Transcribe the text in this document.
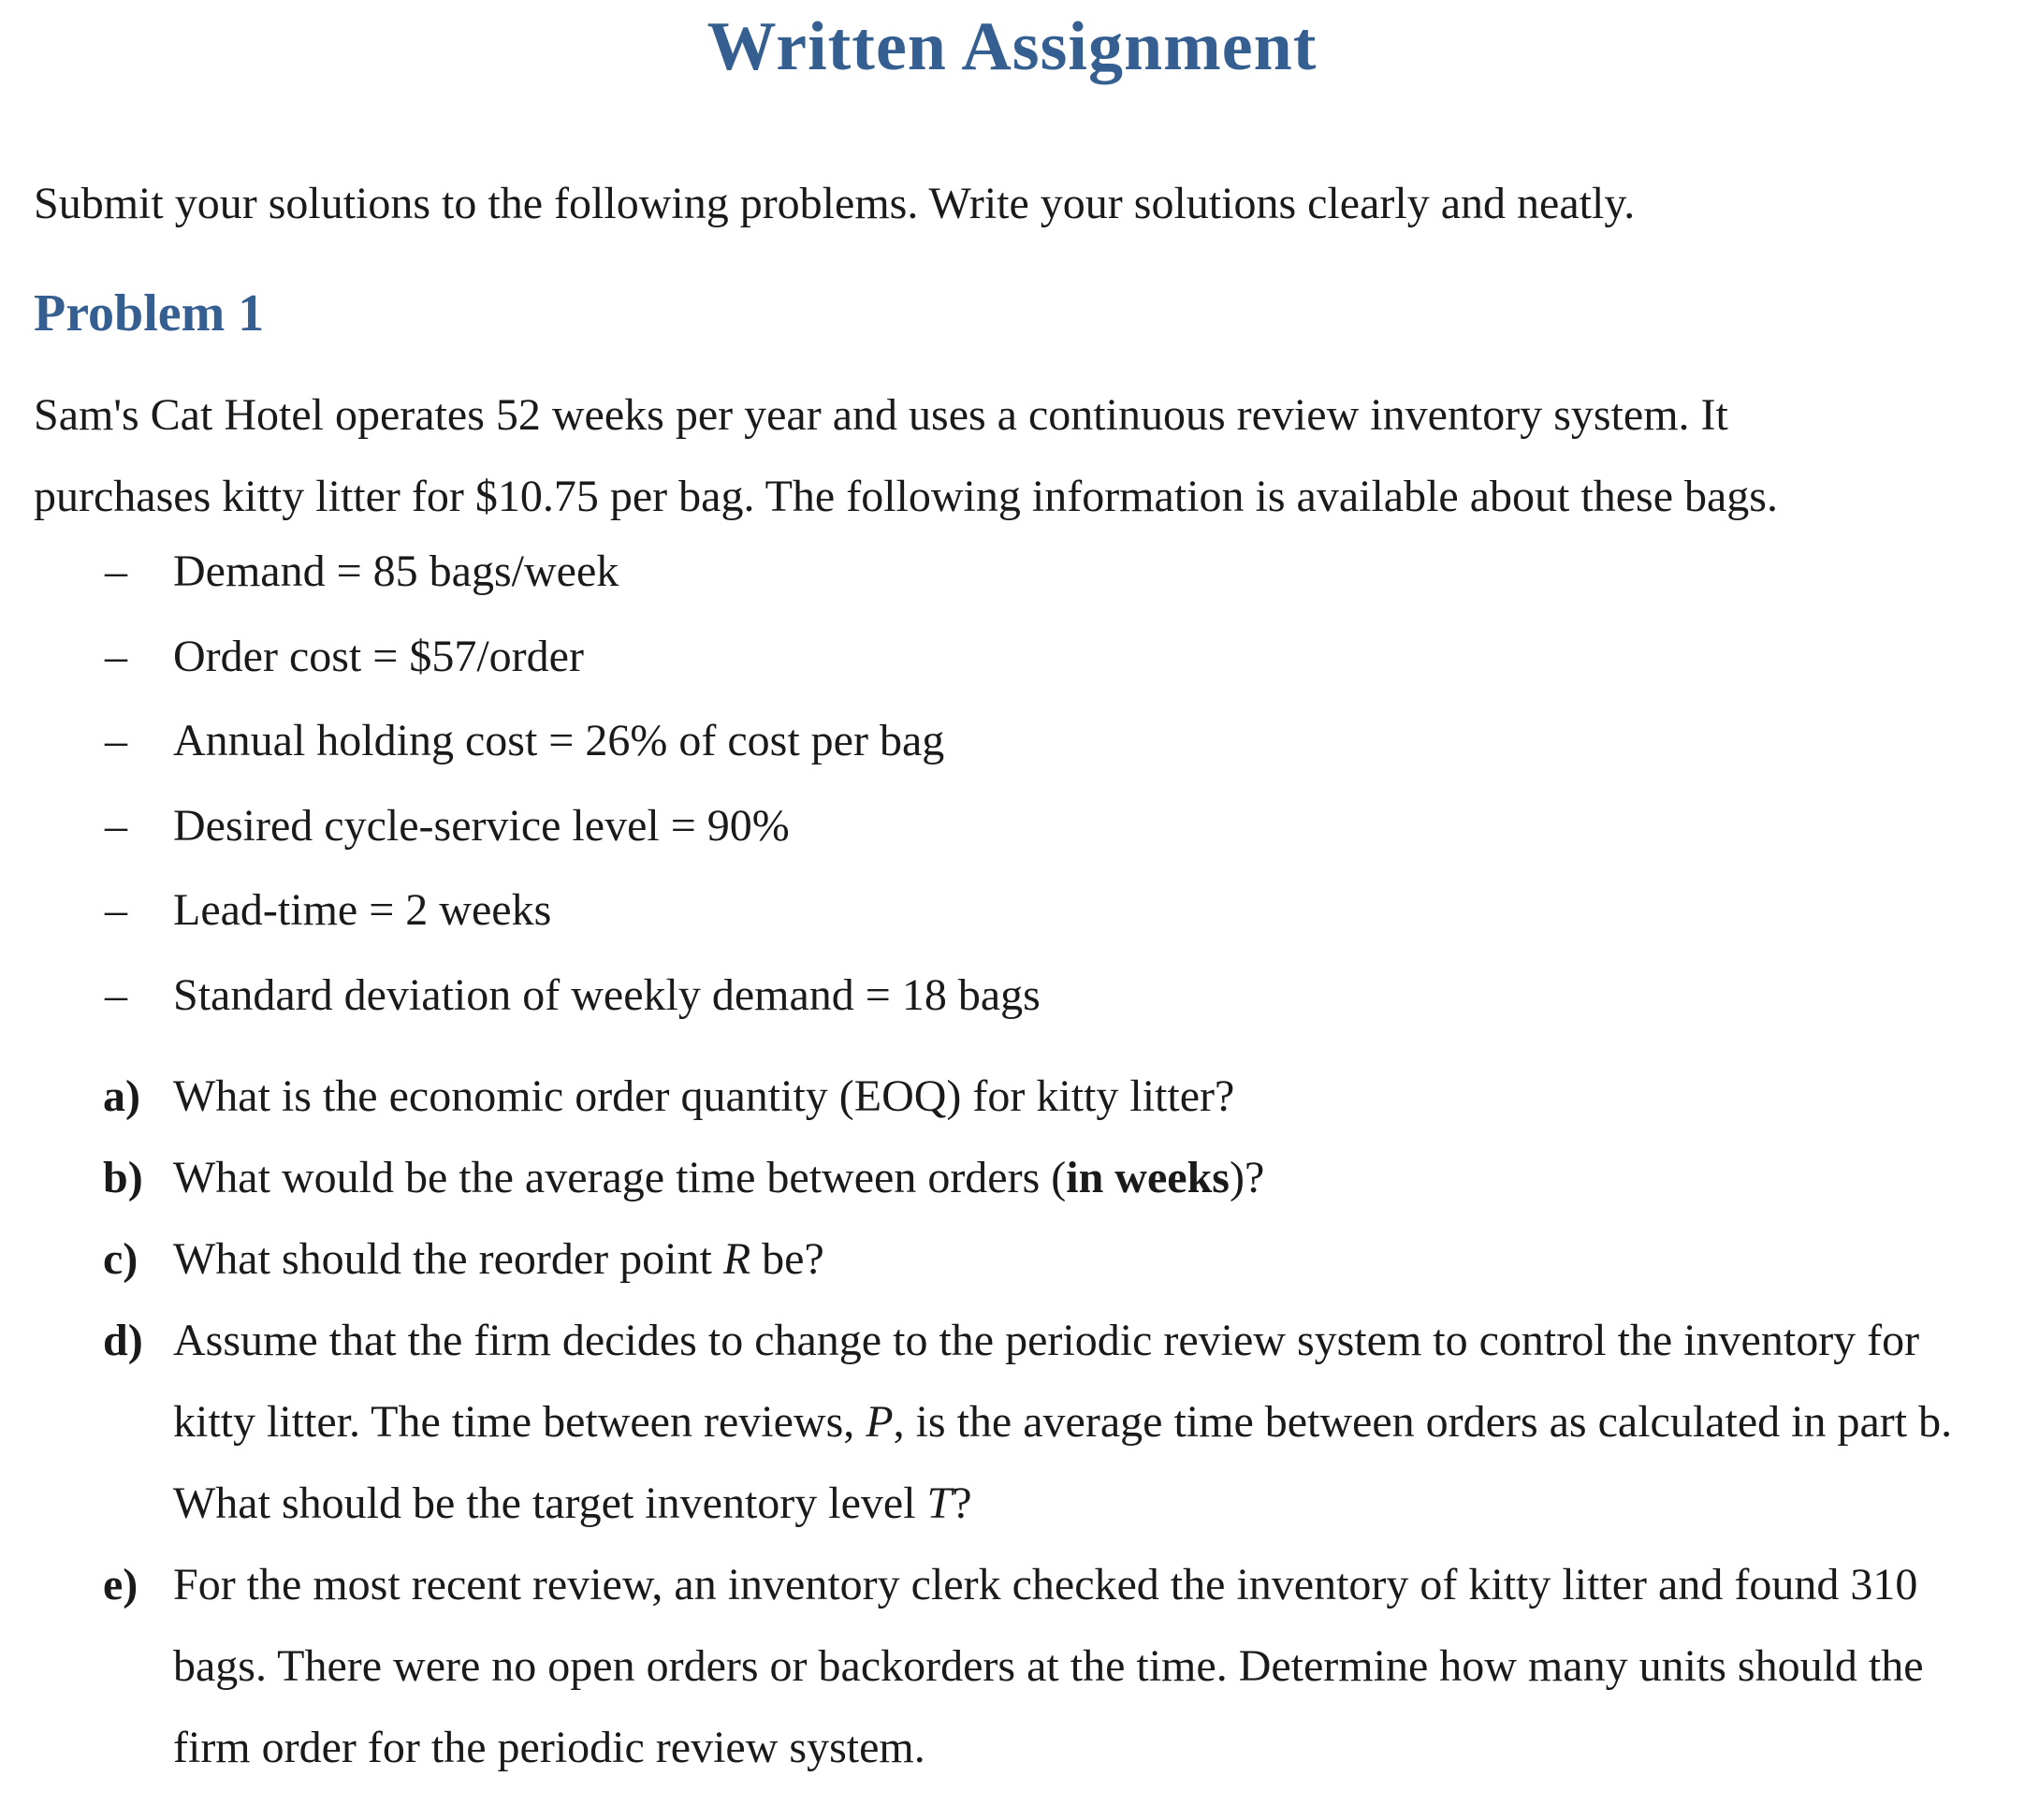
Written Assignment
Submit your solutions to the following problems. Write your solutions clearly and neatly.
Problem 1
Sam's Cat Hotel operates 52 weeks per year and uses a continuous review inventory system. It
purchases kitty litter for $10.75 per bag. The following information is available about these bags.
– Demand = 85 bags/week
– Order cost = $57/order
– Annual holding cost = 26% of cost per bag
– Desired cycle-service level = 90%
– Lead-time = 2 weeks
– Standard deviation of weekly demand = 18 bags
a) What is the economic order quantity (EOQ) for kitty litter?
b) What would be the average time between orders (in weeks)?
c) What should the reorder point R be?
d) Assume that the firm decides to change to the periodic review system to control the inventory for kitty litter. The time between reviews, P, is the average time between orders as calculated in part b. What should be the target inventory level T?
e) For the most recent review, an inventory clerk checked the inventory of kitty litter and found 310 bags. There were no open orders or backorders at the time. Determine how many units should the firm order for the periodic review system.
